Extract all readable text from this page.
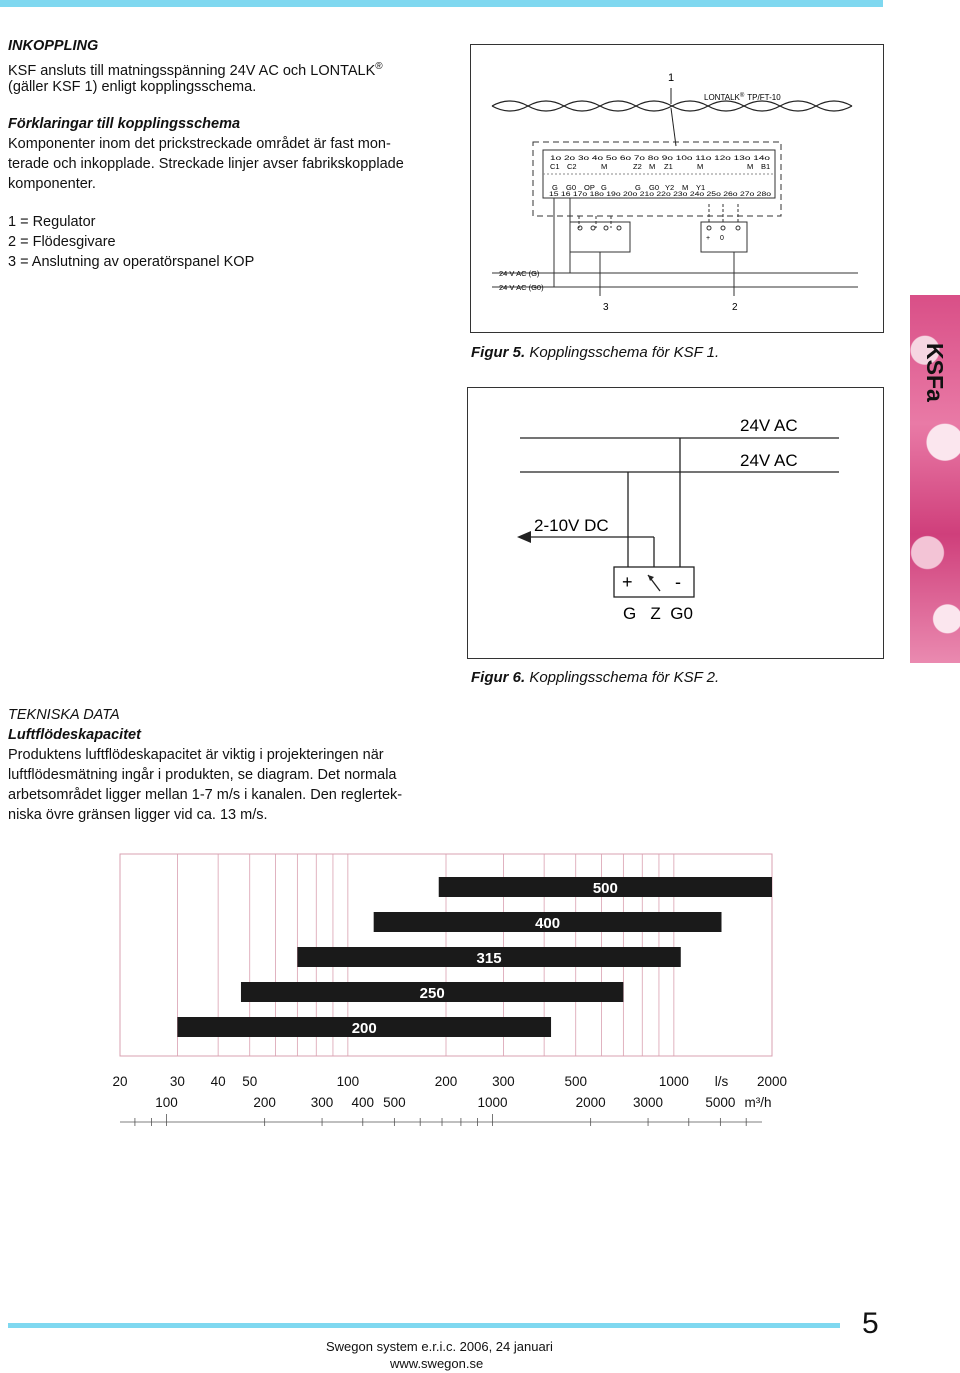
INKOPPLING
KSF ansluts till matningsspänning 24V AC och LONTALK®
(gäller KSF 1) enligt kopplingsschema.
Förklaringar till kopplingsschema
Komponenter inom det prickstreckade området är fast mon-
terade och inkopplade. Streckade linjer avser fabrikskopplade
komponenter.
1 = Regulator
2 = Flödesgivare
3 = Anslutning av operatörspanel KOP
1
LONTALK® TP/FT-10
1o 2o 3o 4o 5o 6o 7o 8o 9o 10o 11o 12o 13o 14o
C1 C2	M	Z2 M Z1	M	M B1
G G0 OP G	G G0 Y2 M Y1
15 16 17o 18o 19o 20o 21o 22o 23o 24o 25o 26o 27o 28o
+ 0
24 V AC (G)
24 V AC (G0)
3	2
Figur 5. Kopplingsschema för KSF 1.	KSFa
24V AC
24V AC
2-10V DC
+ -
G   Z  G0
Figur 6. Kopplingsschema för KSF 2.
TEKNISKA DATA
Luftflödeskapacitet
Produktens luftflödeskapacitet är viktig i projekteringen när
luftflödesmätning ingår i produkten, se diagram. Det normala
arbetsområdet ligger mellan 1-7 m/s i kanalen. Den reglertek-
niska övre gränsen ligger vid ca. 13 m/s.
500
400
315
250
200
20	30 40 50	100	200	300	500	1000 l/s 2000
100	200	300 400 500	1000	2000 3000	5000 m³/h
Swegon system e.r.i.c. 2006, 24 januari
www.swegon.se
5
